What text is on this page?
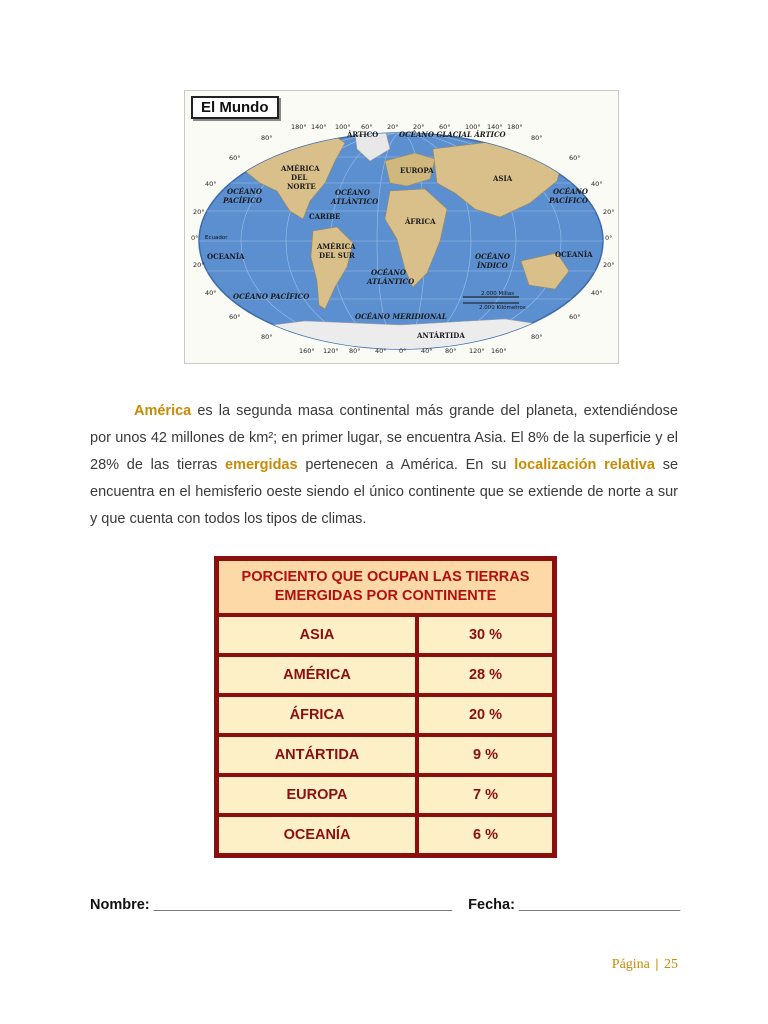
180° 140° 100° 60° 20° 20° 60° 100° 140° 180°
160° 120° 80° 40° 0° 40° 80° 120° 160°
80°
60°
40°
20°
0°
20°
40°
60°
80°
80°
60°
40°
20°
0°
20°
40°
60°
80°
Ecuador
ÁRTICO	OCÉANO GLACIAL ÁRTICO
AMÉRICA
DEL
NORTE
EUROPA
ASIA
OCÉANO
PACÍFICO
OCÉANO
ATLÁNTICO
OCÉANO
PACÍFICO
CARIBE
ÁFRICA
OCEANÍA
AMÉRICA
DEL SUR	OCÉANO
ÍNDICO
OCEANÍA
OCÉANO
ATLÁNTICO
OCÉANO PACÍFICO
OCÉANO MERIDIONAL
ANTÁRTIDA
2.000 Millas
2.000 Kilómetros
El Mundo

América es la segunda masa continental más grande del planeta, extendiéndose por unos 42 millones de km²; en primer lugar, se encuentra Asia. El 8% de la superficie y el 28% de las tierras emergidas pertenecen a América. En su localización relativa se encuentra en el hemisferio oeste siendo el único continente que se extiende de norte a sur y que cuenta con todos los tipos de climas.

PORCIENTO QUE OCUPAN LAS TIERRAS EMERGIDAS POR CONTINENTE	
ASIA	30 %
AMÉRICA	28 %
ÁFRICA	20 %
ANTÁRTIDA	9 %
EUROPA	7 %
OCEANÍA	6 %
Nombre: _____________________________________ Fecha: ____________________
Página | 25
